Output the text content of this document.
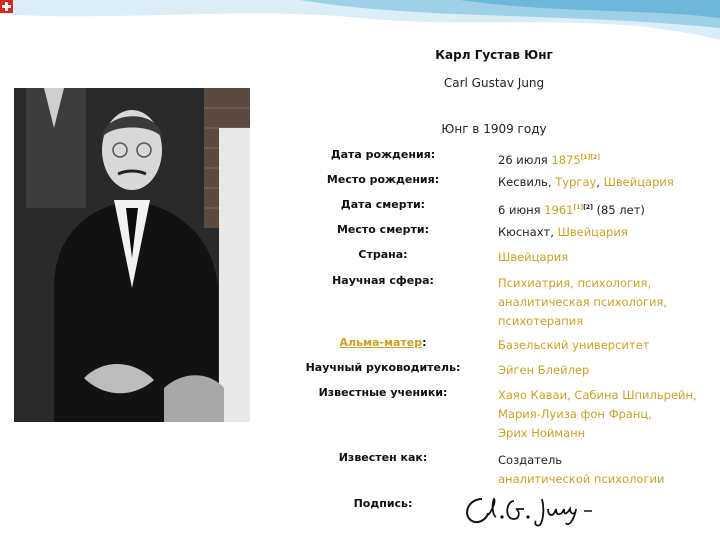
Карл Густав Юнг
Carl Gustav Jung
Юнг в 1909 году
Дата рождения:	26 июля 1875[1][2]
Место рождения:	Кесвиль, Тургау, Швейцария
Дата смерти:	6 июня 1961[1][2] (85 лет)
Место смерти:	Кюснахт, Швейцария
Страна:	Швейцария
Научная сфера:	Психиатрия, психология,
аналитическая психология,
психотерапия
Альма-матер:	Базельский университет
Научный руководитель:	Эйген Блейлер
Известные ученики:	Хаяо Каваи, Сабина Шпильрейн,
Мария-Луиза фон Франц,
Эрих Нойманн
Известен как:	Создатель
аналитической психологии
Подпись:
